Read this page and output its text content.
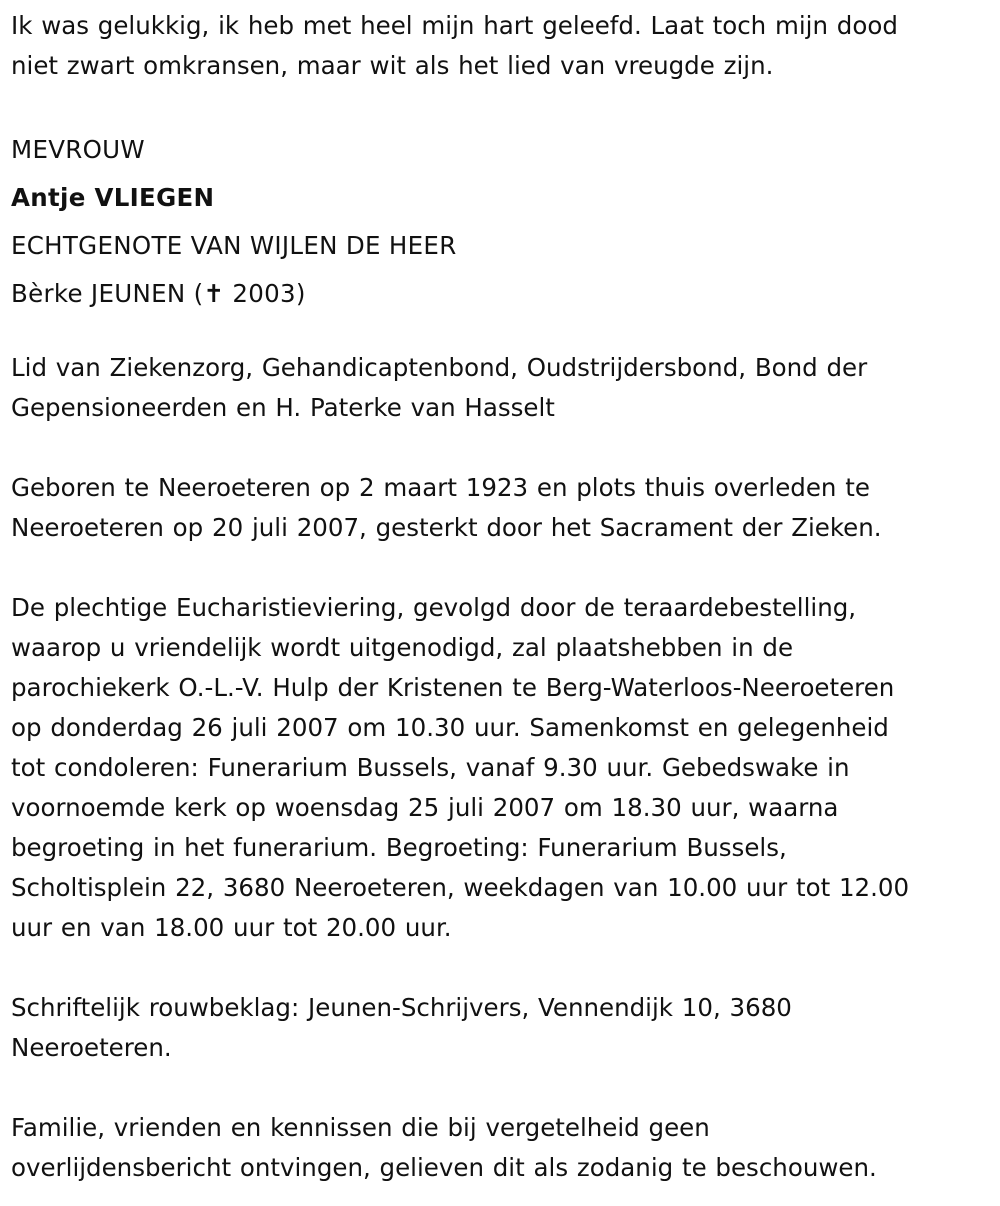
Ik was gelukkig, ik heb met heel mijn hart geleefd. Laat toch mijn dood
niet zwart omkransen, maar wit als het lied van vreugde zijn.

MEVROUW

Antje VLIEGEN

ECHTGENOTE VAN WIJLEN DE HEER

Bèrke JEUNEN (✝ 2003)

Lid van Ziekenzorg, Gehandicaptenbond, Oudstrijdersbond, Bond der
Gepensioneerden en H. Paterke van Hasselt

Geboren te Neeroeteren op 2 maart 1923 en plots thuis overleden te
Neeroeteren op 20 juli 2007, gesterkt door het Sacrament der Zieken.

De plechtige Eucharistieviering, gevolgd door de teraardebestelling,
waarop u vriendelijk wordt uitgenodigd, zal plaatshebben in de
parochiekerk O.-L.-V. Hulp der Kristenen te Berg-Waterloos-Neeroeteren
op donderdag 26 juli 2007 om 10.30 uur. Samenkomst en gelegenheid
tot condoleren: Funerarium Bussels, vanaf 9.30 uur. Gebedswake in
voornoemde kerk op woensdag 25 juli 2007 om 18.30 uur, waarna
begroeting in het funerarium. Begroeting: Funerarium Bussels,
Scholtisplein 22, 3680 Neeroeteren, weekdagen van 10.00 uur tot 12.00
uur en van 18.00 uur tot 20.00 uur.

Schriftelijk rouwbeklag: Jeunen-Schrijvers, Vennendijk 10, 3680
Neeroeteren.

Familie, vrienden en kennissen die bij vergetelheid geen
overlijdensbericht ontvingen, gelieven dit als zodanig te beschouwen.
